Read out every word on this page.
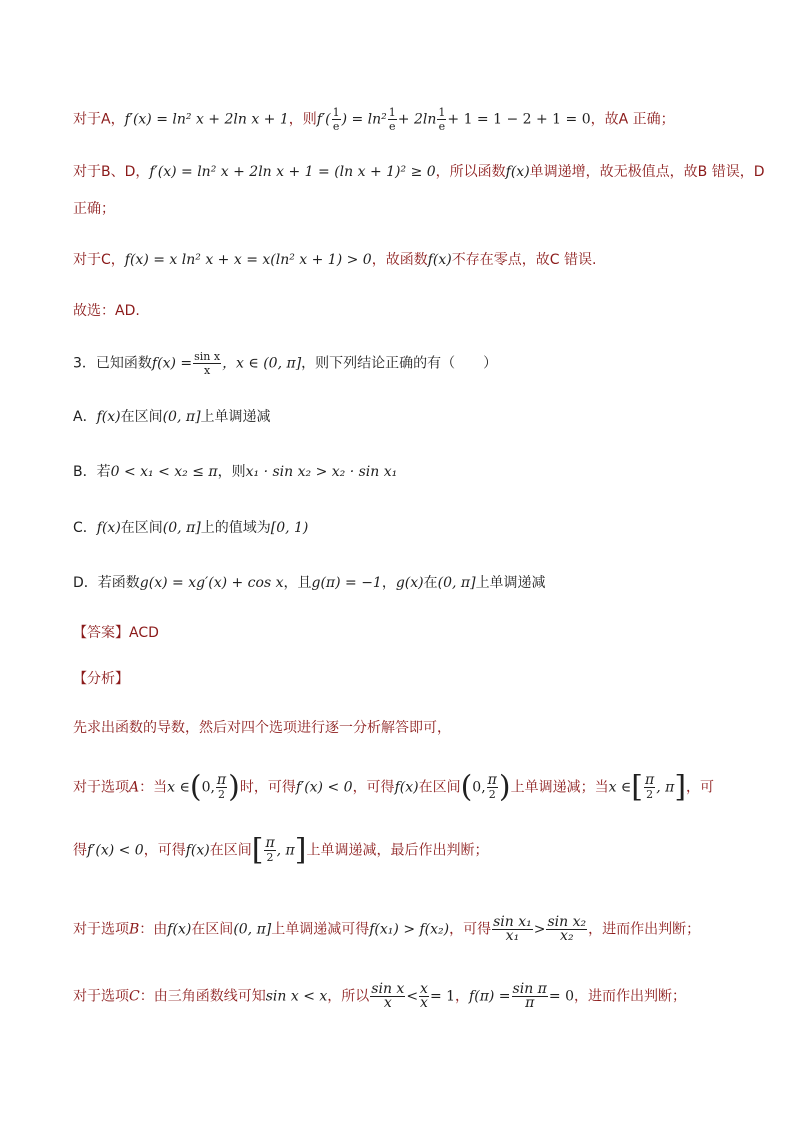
对于A，f′(x) = ln² x + 2ln x + 1，则$f'( \frac{1}{e}$ ) = $\ln^2 \frac{1}{e} + 2\ln \frac{1}{e} + 1 = 1 - 2 + 1 = 0$，故A 正确；
对于B、D，f′(x) = ln² x + 2ln x + 1 = (ln x + 1)² ≥ 0，所以函数f(x)单调递增，故无极值点，故B 错误，D
正确；
对于C，f(x) = x ln² x + x = x(ln² x + 1) > 0，故函数f(x)不存在零点，故C 错误.
故选：AD.
3．已知函数$f(x) = \frac{\text{sin x}}{x}$ ，x ∈ (0, π]，则下列结论正确的有（　　）
A．f(x)在区间(0, π]上单调递减
B．若0 < x₁ < x₂ ≤ π，则x₁ · sin x₂ > x₂ · sin x₁
C．f(x)在区间(0, π]上的值域为[0, 1)
D．若函数g(x) = xg′(x) + cos x，且g(π) = −1，g(x)在(0, π]上单调递减
【答案】ACD
【分析】
先求出函数的导数，然后对四个选项进行逐一分析解答即可，
对于选项A：当x ∈(0, $\frac{\pi}{2}$ )时，可得f′(x) < 0，可得f(x)在区间(0, $\frac{\pi}{2}$ )上单调递减；当x ∈[ $\frac{\pi}{2}$ , π]，可
得f′(x) < 0，可得f(x)在区间[ $\frac{\pi}{2}$ , π]上单调递减，最后作出判断；
对于选项B：由f(x)在区间(0, π]上单调递减可得f(x₁) > f(x₂)，可得 $\frac{\text{sin x₁}}{\text{x₁}} > \frac{\text{sin x₂}}{\text{x₂}}$ ，进而作出判断；
对于选项C：由三角函数线可知sin x < x，所以 $\frac{\text{sin x}}{x} < \frac{x}{x} = 1$，$f(\pi) = \frac{\text{sin π}}{\pi} = 0$，进而作出判断；
